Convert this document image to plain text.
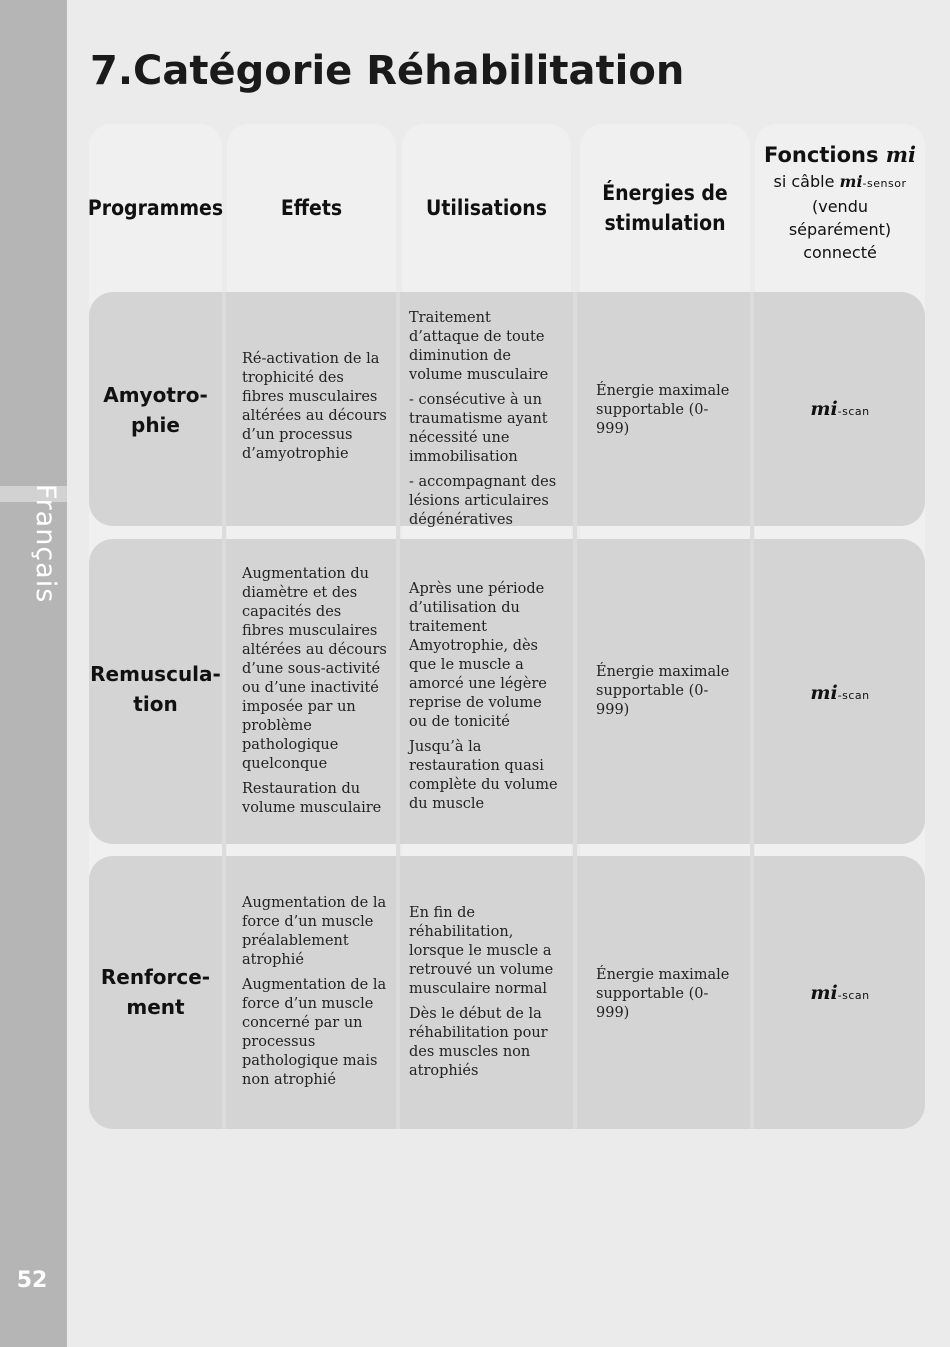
Français
52
7.Catégorie Réhabilitation
Programmes	Effets	Utilisations
Énergies de stimulation
Fonctions mi
si câble mi-sensor
(vendu séparément) connecté
Amyotro-phie

Ré-activation de la trophicité des fibres musculaires altérées au décours d’un processus d’amyotrophie

Traitement d’attaque de toute diminution de volume musculaire

- consécutive à un traumatisme ayant nécessité une immobilisation

- accompagnant des lésions articulaires dégénératives

Énergie maximale supportable (0-999)
mi-scan
Remuscula-tion

Augmentation du diamètre et des capacités des fibres musculaires altérées au décours d’une sous-activité ou d’une inactivité imposée par un problème pathologique quelconque

Restauration du volume musculaire

Après une période d’utilisation du traitement Amyotrophie, dès que le muscle a amorcé une légère reprise de volume ou de tonicité

Jusqu’à la restauration quasi complète du volume du muscle

Énergie maximale supportable (0-999)
mi-scan
Renforce-ment

Augmentation de la force d’un muscle préalablement atrophié

Augmentation de la force d’un muscle concerné par un processus pathologique mais non atrophié

En fin de réhabilitation, lorsque le muscle a retrouvé un volume musculaire normal

Dès le début de la réhabilitation pour des muscles non atrophiés

Énergie maximale supportable (0-999)
mi-scan
